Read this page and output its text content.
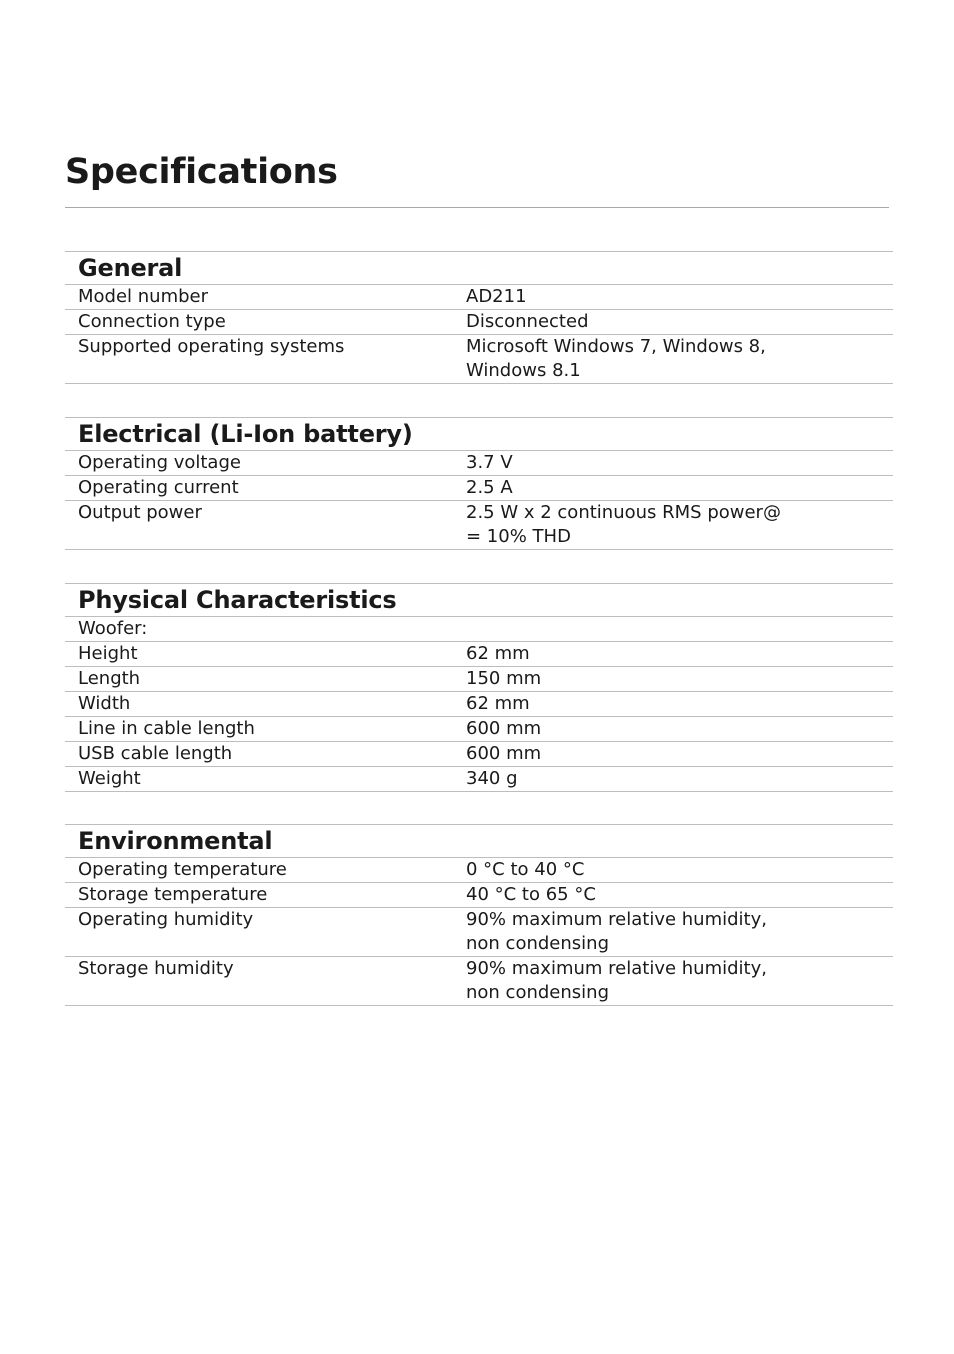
Specifications
General
Model number	AD211
Connection type	Disconnected
Supported operating systems	Microsoft Windows 7, Windows 8,
Windows 8.1
Electrical (Li-Ion battery)
Operating voltage	3.7 V
Operating current	2.5 A
Output power	2.5 W x 2 continuous RMS power@
= 10% THD
Physical Characteristics
Woofer:
Height	62 mm
Length	150 mm
Width	62 mm
Line in cable length	600 mm
USB cable length	600 mm
Weight	340 g
Environmental
Operating temperature	0 °C to 40 °C
Storage temperature	40 °C to 65 °C
Operating humidity	90% maximum relative humidity,
non condensing
Storage humidity	90% maximum relative humidity,
non condensing
